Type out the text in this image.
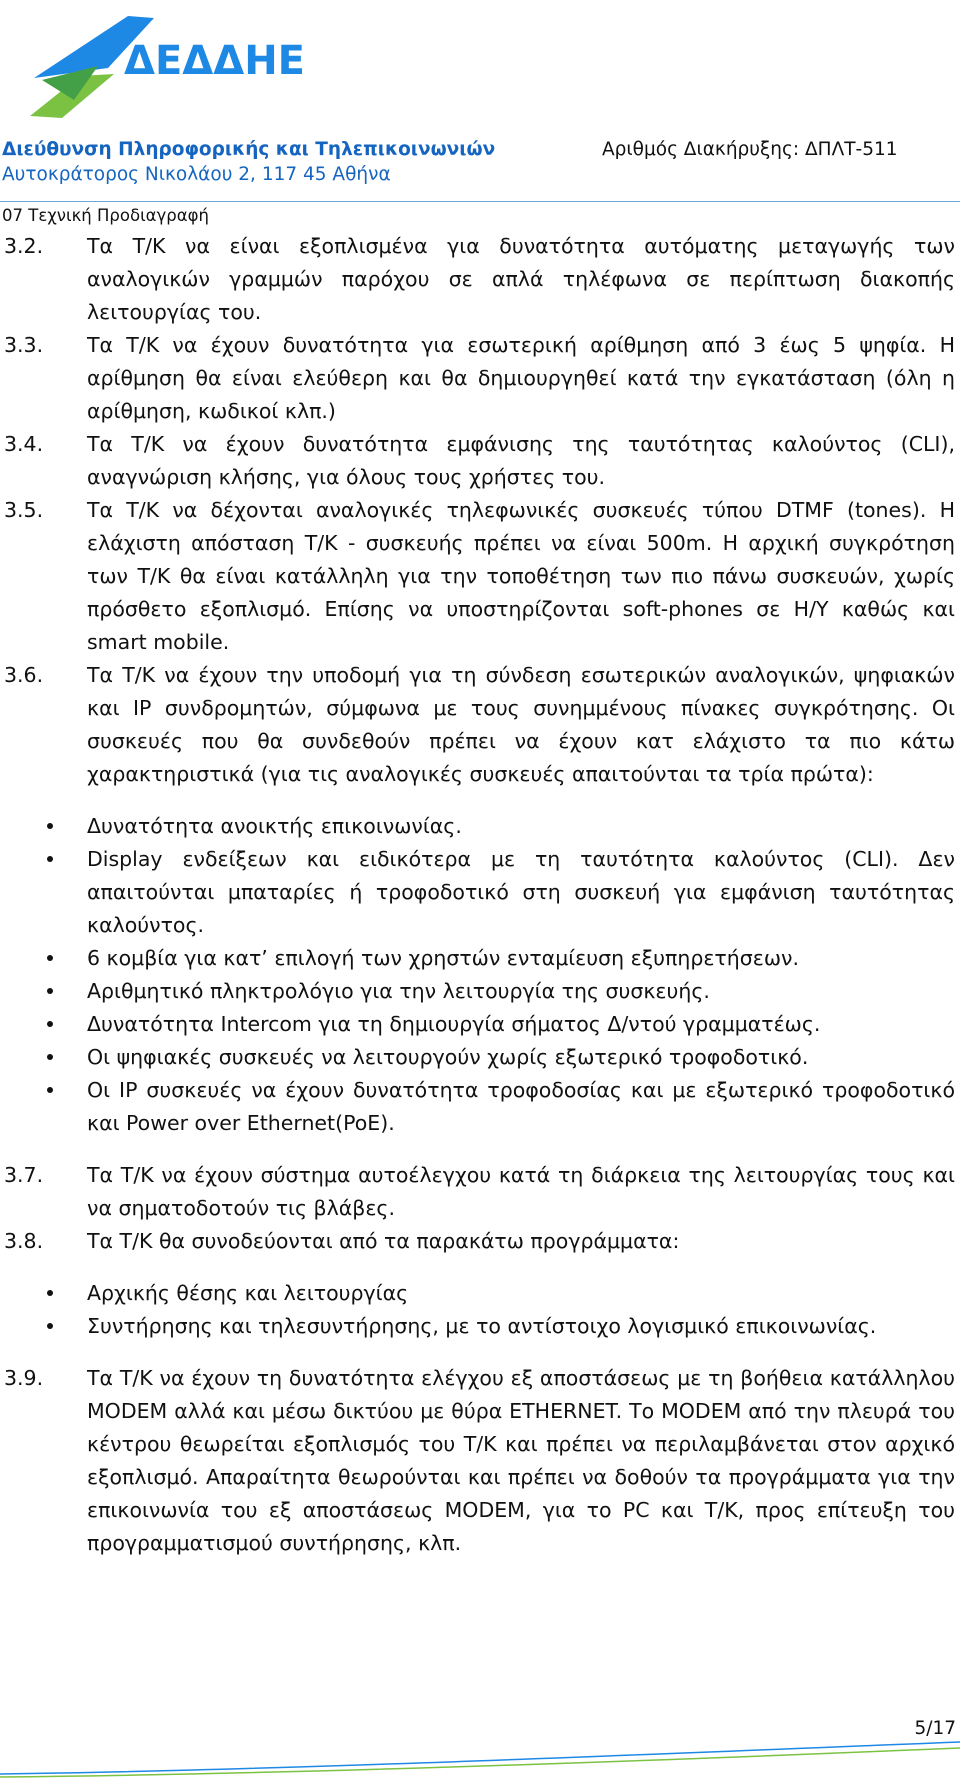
ΔΕΔΔΗΕ
Διεύθυνση Πληροφορικής και Τηλεπικοινωνιών
Αυτοκράτορος Νικολάου 2, 117 45 Αθήνα
Αριθμός Διακήρυξης: ΔΠΛΤ-511
07 Τεχνική Προδιαγραφή
3.2.	Τα Τ/Κ να είναι εξοπλισμένα για δυνατότητα αυτόματης μεταγωγής των αναλογικών γραμμών παρόχου σε απλά τηλέφωνα σε περίπτωση διακοπής λειτουργίας του.
3.3.	Τα Τ/Κ να έχουν δυνατότητα για εσωτερική αρίθμηση από 3 έως 5 ψηφία. Η αρίθμηση θα είναι ελεύθερη και θα δημιουργηθεί κατά την εγκατάσταση (όλη η αρίθμηση, κωδικοί κλπ.)
3.4.	Τα Τ/Κ να έχουν δυνατότητα εμφάνισης της ταυτότητας καλούντος (CLI), αναγνώριση κλήσης, για όλους τους χρήστες του.
3.5.	Τα Τ/Κ να δέχονται αναλογικές τηλεφωνικές συσκευές τύπου DTMF (tones). Η ελάχιστη απόσταση Τ/Κ - συσκευής πρέπει να είναι 500m. Η αρχική συγκρότηση των Τ/Κ θα είναι κατάλληλη για την τοποθέτηση των πιο πάνω συσκευών, χωρίς πρόσθετο εξοπλισμό. Επίσης να υποστηρίζονται soft-phones σε Η/Υ καθώς και smart mobile.
3.6.	Τα Τ/Κ να έχουν την υποδομή για τη σύνδεση εσωτερικών αναλογικών, ψηφιακών και IP συνδρομητών, σύμφωνα με τους συνημμένους πίνακες συγκρότησης. Οι συσκευές που θα συνδεθούν πρέπει να έχουν κατ ελάχιστο τα πιο κάτω χαρακτηριστικά (για τις αναλογικές συσκευές απαιτούνται τα τρία πρώτα):
Δυνατότητα ανοικτής επικοινωνίας.
Display ενδείξεων και ειδικότερα με τη ταυτότητα καλούντος (CLI). Δεν απαιτούνται μπαταρίες ή τροφοδοτικό στη συσκευή για εμφάνιση ταυτότητας καλούντος.
6 κομβία για κατ’ επιλογή των χρηστών ενταμίευση εξυπηρετήσεων.
Αριθμητικό πληκτρολόγιο για την λειτουργία της συσκευής.
Δυνατότητα Intercom για τη δημιουργία σήματος Δ/ντού γραμματέως.
Οι ψηφιακές συσκευές να λειτουργούν χωρίς εξωτερικό τροφοδοτικό.
Οι IP συσκευές να έχουν δυνατότητα τροφοδοσίας και με εξωτερικό τροφοδοτικό και Power over Ethernet(PoE).
3.7.	Τα Τ/Κ να έχουν σύστημα αυτοέλεγχου κατά τη διάρκεια της λειτουργίας τους και να σηματοδοτούν τις βλάβες.
3.8.	Τα Τ/Κ θα συνοδεύονται από τα παρακάτω προγράμματα:
Αρχικής θέσης και λειτουργίας
Συντήρησης και τηλεσυντήρησης, με το αντίστοιχο λογισμικό επικοινωνίας.
3.9.	Τα Τ/Κ να έχουν τη δυνατότητα ελέγχου εξ αποστάσεως με τη βοήθεια κατάλληλου MODEM αλλά και μέσω δικτύου με θύρα ETHERNET. Το MODEM από την πλευρά του κέντρου θεωρείται εξοπλισμός του Τ/Κ και πρέπει να περιλαμβάνεται στον αρχικό εξοπλισμό. Απαραίτητα θεωρούνται και πρέπει να δοθούν τα προγράμματα για την επικοινωνία του εξ αποστάσεως MODEM, για το PC και Τ/Κ, προς επίτευξη του προγραμματισμού συντήρησης, κλπ.
5/17
